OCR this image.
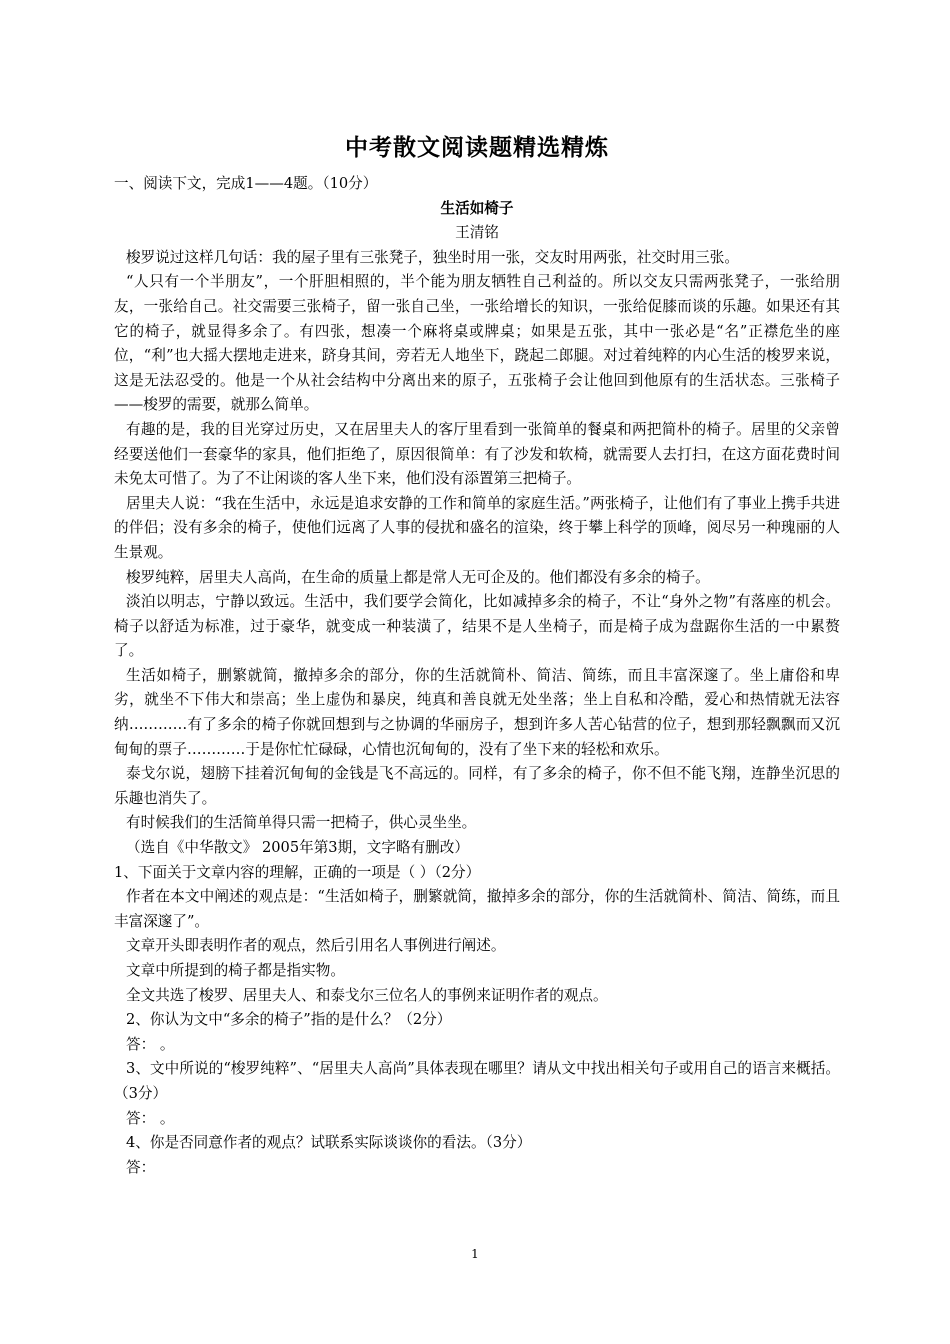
中考散文阅读题精选精炼

一、阅读下文，完成1——4题。（10分）

生活如椅子

王清铭

梭罗说过这样几句话：我的屋子里有三张凳子，独坐时用一张，交友时用两张，社交时用三张。

“人只有一个半朋友”，一个肝胆相照的，半个能为朋友牺牲自己利益的。所以交友只需两张凳子，一张给朋友，一张给自己。社交需要三张椅子，留一张自己坐，一张给增长的知识，一张给促膝而谈的乐趣。如果还有其它的椅子，就显得多余了。有四张，想凑一个麻将桌或牌桌；如果是五张，其中一张必是“名”正襟危坐的座位，“利”也大摇大摆地走进来，跻身其间，旁若无人地坐下，跷起二郎腿。对过着纯粹的内心生活的梭罗来说，这是无法忍受的。他是一个从社会结构中分离出来的原子，五张椅子会让他回到他原有的生活状态。三张椅子——梭罗的需要，就那么简单。

有趣的是，我的目光穿过历史，又在居里夫人的客厅里看到一张简单的餐桌和两把简朴的椅子。居里的父亲曾经要送他们一套豪华的家具，他们拒绝了，原因很简单：有了沙发和软椅，就需要人去打扫，在这方面花费时间未免太可惜了。为了不让闲谈的客人坐下来，他们没有添置第三把椅子。

居里夫人说：“我在生活中，永远是追求安静的工作和简单的家庭生活。”两张椅子，让他们有了事业上携手共进的伴侣；没有多余的椅子，使他们远离了人事的侵扰和盛名的渲染，终于攀上科学的顶峰，阅尽另一种瑰丽的人生景观。

梭罗纯粹，居里夫人高尚，在生命的质量上都是常人无可企及的。他们都没有多余的椅子。

淡泊以明志，宁静以致远。生活中，我们要学会简化，比如减掉多余的椅子，不让“身外之物”有落座的机会。椅子以舒适为标准，过于豪华，就变成一种装潢了，结果不是人坐椅子，而是椅子成为盘踞你生活的一中累赘了。

生活如椅子，删繁就简，撤掉多余的部分，你的生活就简朴、简洁、简练，而且丰富深邃了。坐上庸俗和卑劣，就坐不下伟大和崇高；坐上虚伪和暴戾，纯真和善良就无处坐落；坐上自私和冷酷，爱心和热情就无法容纳…………有了多余的椅子你就回想到与之协调的华丽房子，想到许多人苦心钻营的位子，想到那轻飘飘而又沉甸甸的票子…………于是你忙忙碌碌，心情也沉甸甸的，没有了坐下来的轻松和欢乐。

泰戈尔说，翅膀下挂着沉甸甸的金钱是飞不高远的。同样，有了多余的椅子，你不但不能飞翔，连静坐沉思的乐趣也消失了。

有时候我们的生活简单得只需一把椅子，供心灵坐坐。

（选自《中华散文》 2005年第3期，文字略有删改）

1、下面关于文章内容的理解，正确的一项是（ ）（2分）

作者在本文中阐述的观点是：“生活如椅子，删繁就简，撤掉多余的部分，你的生活就简朴、简洁、简练，而且丰富深邃了”。

文章开头即表明作者的观点，然后引用名人事例进行阐述。

文章中所提到的椅子都是指实物。

全文共选了梭罗、居里夫人、和泰戈尔三位名人的事例来证明作者的观点。

2、你认为文中“多余的椅子”指的是什么？（2分）

答： 。

3、文中所说的“梭罗纯粹”、“居里夫人高尚”具体表现在哪里？请从文中找出相关句子或用自己的语言来概括。（3分）

答： 。

4、你是否同意作者的观点？试联系实际谈谈你的看法。（3分）

答：

1
